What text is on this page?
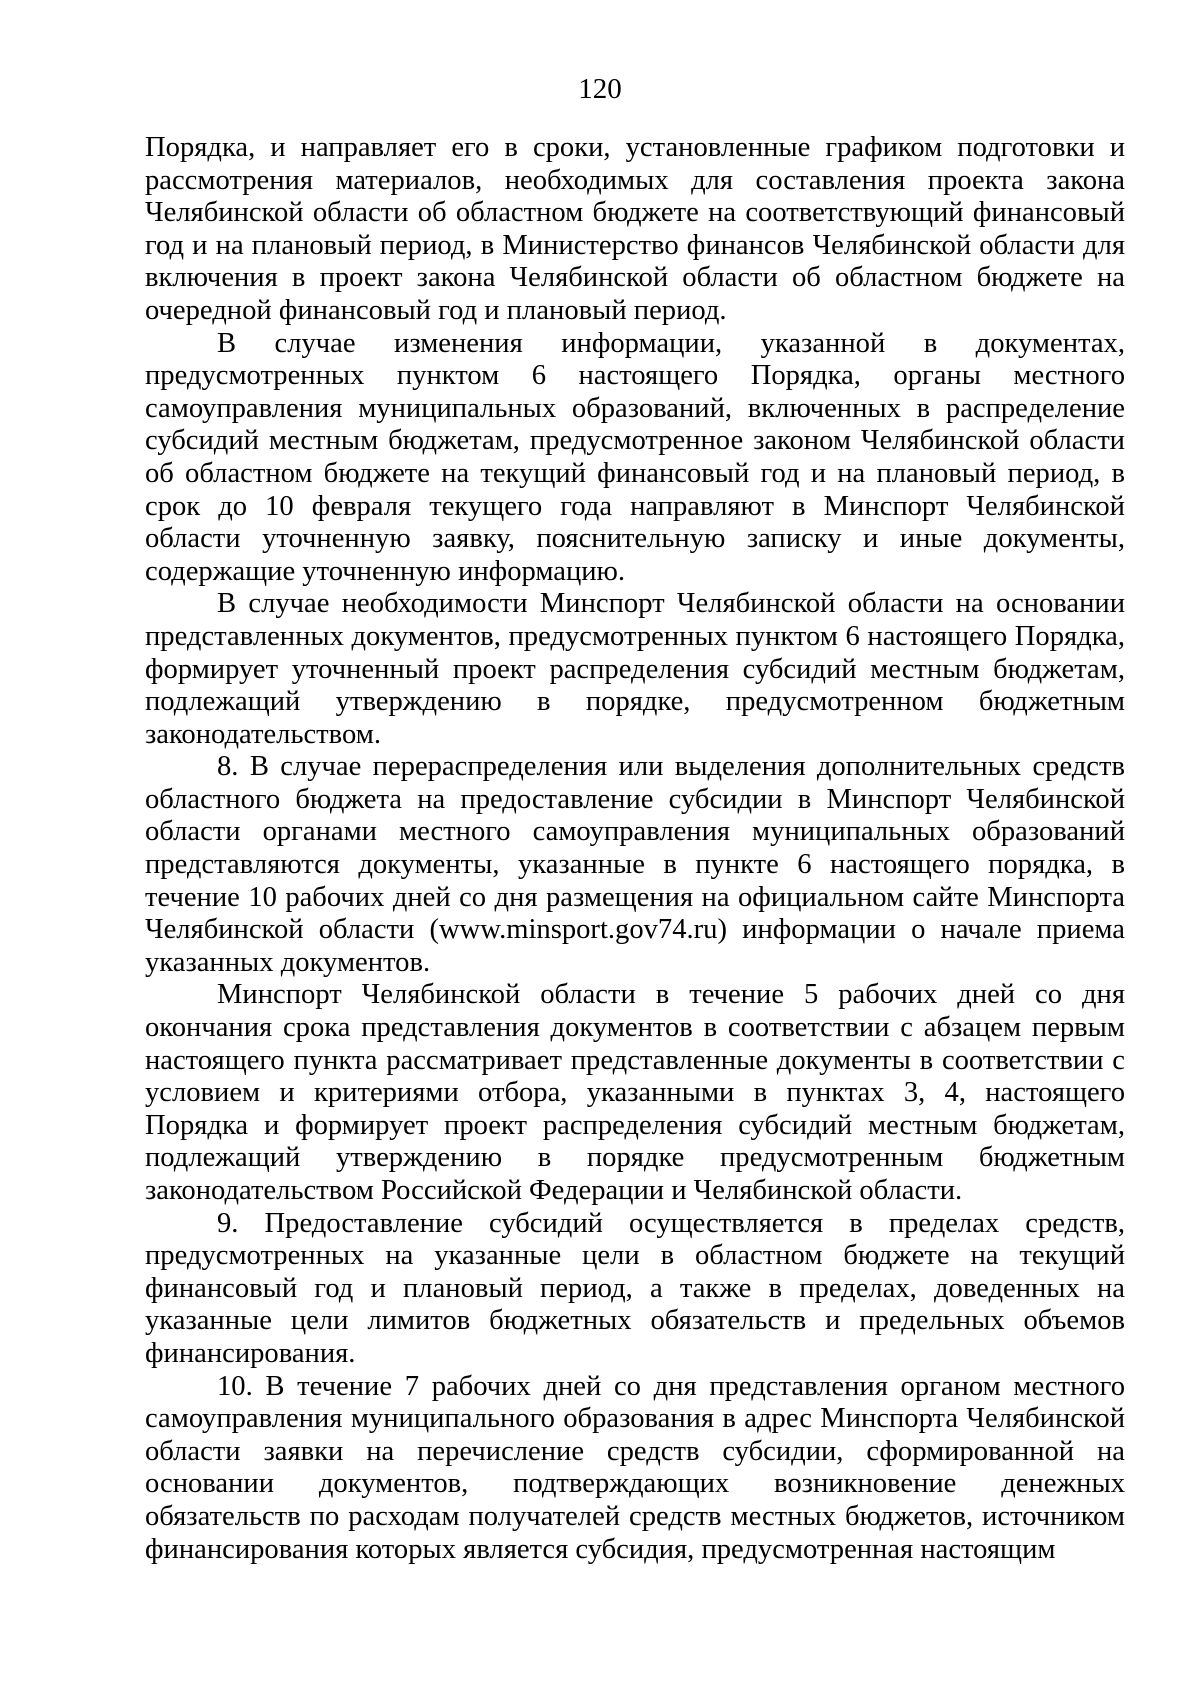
120

Порядка, и направляет его в сроки, установленные графиком подготовки и рассмотрения материалов, необходимых для составления проекта закона Челябинской области об областном бюджете на соответствующий финансовый год и на плановый период, в Министерство финансов Челябинской области для включения в проект закона Челябинской области об областном бюджете на очередной финансовый год и плановый период.

В случае изменения информации, указанной в документах, предусмотренных пунктом 6 настоящего Порядка, органы местного самоуправления муниципальных образований, включенных в распределение субсидий местным бюджетам, предусмотренное законом Челябинской области об областном бюджете на текущий финансовый год и на плановый период, в срок до 10 февраля текущего года направляют в Минспорт Челябинской области уточненную заявку, пояснительную записку и иные документы, содержащие уточненную информацию.

В случае необходимости Минспорт Челябинской области на основании представленных документов, предусмотренных пунктом 6 настоящего Порядка, формирует уточненный проект распределения субсидий местным бюджетам, подлежащий утверждению в порядке, предусмотренном бюджетным законодательством.

8. В случае перераспределения или выделения дополнительных средств областного бюджета на предоставление субсидии в Минспорт Челябинской области органами местного самоуправления муниципальных образований представляются документы, указанные в пункте 6 настоящего порядка, в течение 10 рабочих дней со дня размещения на официальном сайте Минспорта Челябинской области (www.minsport.gov74.ru) информации о начале приема указанных документов.

Минспорт Челябинской области в течение 5 рабочих дней со дня окончания срока представления документов в соответствии с абзацем первым настоящего пункта рассматривает представленные документы в соответствии с условием и критериями отбора, указанными в пунктах 3, 4, настоящего Порядка и формирует проект распределения субсидий местным бюджетам, подлежащий утверждению в порядке предусмотренным бюджетным законодательством Российской Федерации и Челябинской области.

9. Предоставление субсидий осуществляется в пределах средств, предусмотренных на указанные цели в областном бюджете на текущий финансовый год и плановый период, а также в пределах, доведенных на указанные цели лимитов бюджетных обязательств и предельных объемов финансирования.

10. В течение 7 рабочих дней со дня представления органом местного самоуправления муниципального образования в адрес Минспорта Челябинской области заявки на перечисление средств субсидии, сформированной на основании документов, подтверждающих возникновение денежных обязательств по расходам получателей средств местных бюджетов, источником финансирования которых является субсидия, предусмотренная настоящим
